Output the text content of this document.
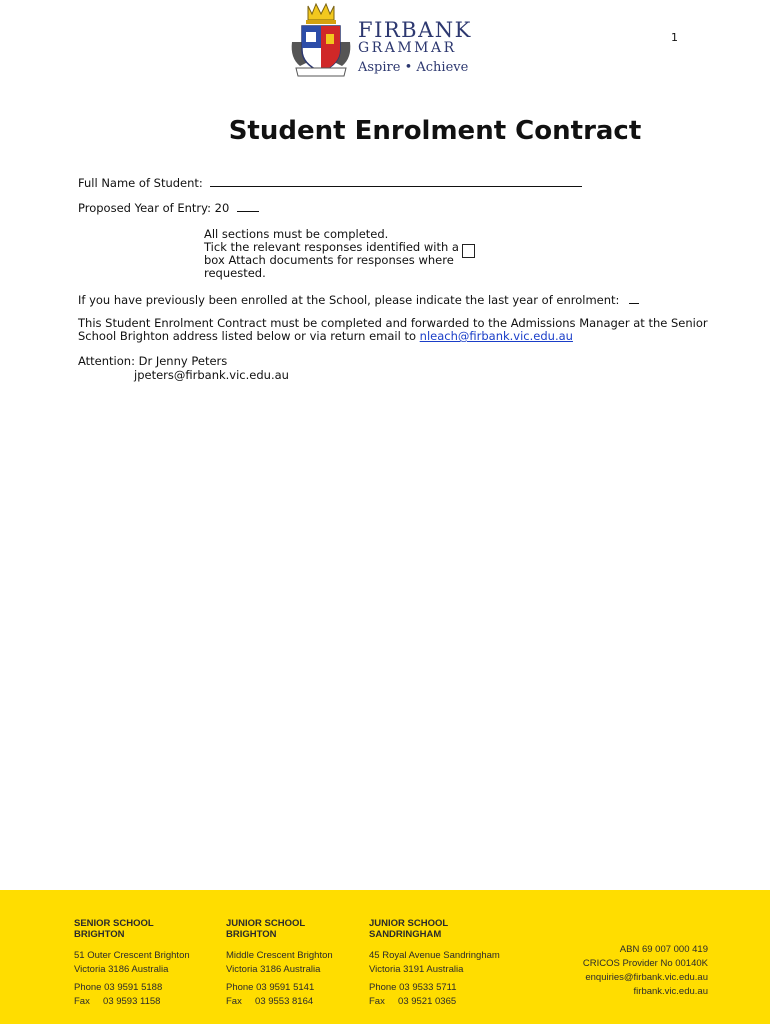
FIRBANK
GRAMMAR
Aspire • Achieve
1
Student Enrolment Contract
Full Name of Student:
Proposed Year of Entry: 20
All sections must be completed.
Tick the relevant responses identified with a
box Attach documents for responses where
requested.
If you have previously been enrolled at the School, please indicate the last year of enrolment:
This Student Enrolment Contract must be completed and forwarded to the Admissions Manager at the Senior
School Brighton address listed below or via return email to nleach@firbank.vic.edu.au
Attention: Dr Jenny Peters
jpeters@firbank.vic.edu.au
SENIOR SCHOOL
BRIGHTON
51 Outer Crescent Brighton
Victoria 3186 Australia
Phone 03 9591 5188
Fax     03 9593 1158
JUNIOR SCHOOL
BRIGHTON
Middle Crescent Brighton
Victoria 3186 Australia
Phone 03 9591 5141
Fax     03 9553 8164
JUNIOR SCHOOL
SANDRINGHAM
45 Royal Avenue Sandringham
Victoria 3191 Australia
Phone 03 9533 5711
Fax     03 9521 0365
ABN 69 007 000 419
CRICOS Provider No 00140K
enquiries@firbank.vic.edu.au
firbank.vic.edu.au
